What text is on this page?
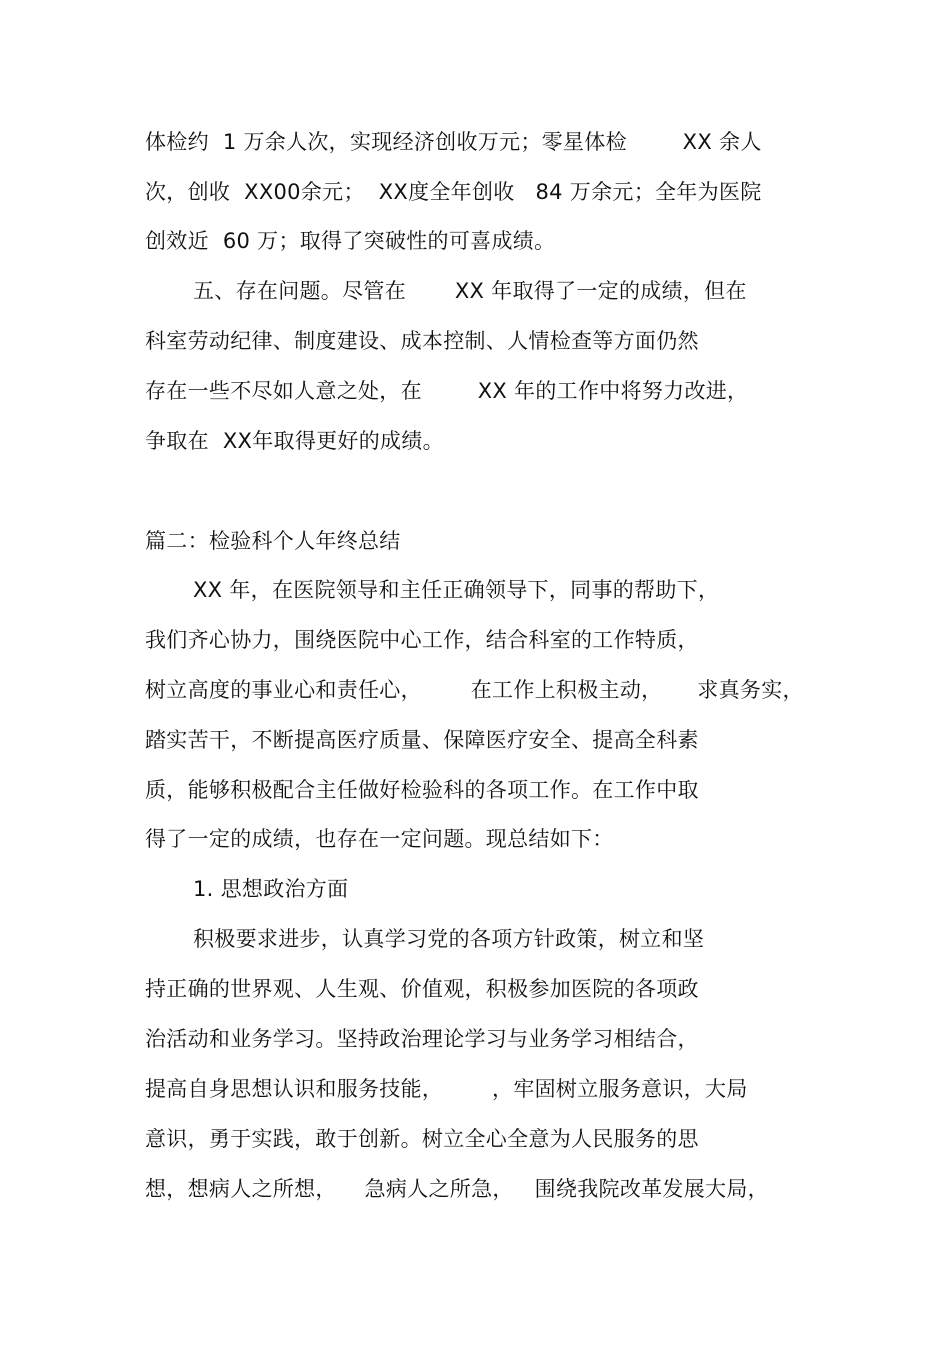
体检约  1 万余人次，实现经济创收万元；零星体检        XX 余人
次，创收  XX00余元；  XX度全年创收   84 万余元；全年为医院
创效近  60 万；取得了突破性的可喜成绩。
五、存在问题。尽管在       XX 年取得了一定的成绩，但在
科室劳动纪律、制度建设、成本控制、人情检查等方面仍然
存在一些不尽如人意之处，在        XX 年的工作中将努力改进，
争取在  XX年取得更好的成绩。
篇二：检验科个人年终总结
XX 年，在医院领导和主任正确领导下，同事的帮助下，
我们齐心协力，围绕医院中心工作，结合科室的工作特质，
树立高度的事业心和责任心，       在工作上积极主动，     求真务实，
踏实苦干，不断提高医疗质量、保障医疗安全、提高全科素
质，能够积极配合主任做好检验科的各项工作。在工作中取
得了一定的成绩，也存在一定问题。现总结如下：
1. 思想政治方面
积极要求进步，认真学习党的各项方针政策，树立和坚
持正确的世界观、人生观、价值观，积极参加医院的各项政
治活动和业务学习。坚持政治理论学习与业务学习相结合，
提高自身思想认识和服务技能，       ，牢固树立服务意识，大局
意识，勇于实践，敢于创新。树立全心全意为人民服务的思
想，想病人之所想，    急病人之所急，   围绕我院改革发展大局，
